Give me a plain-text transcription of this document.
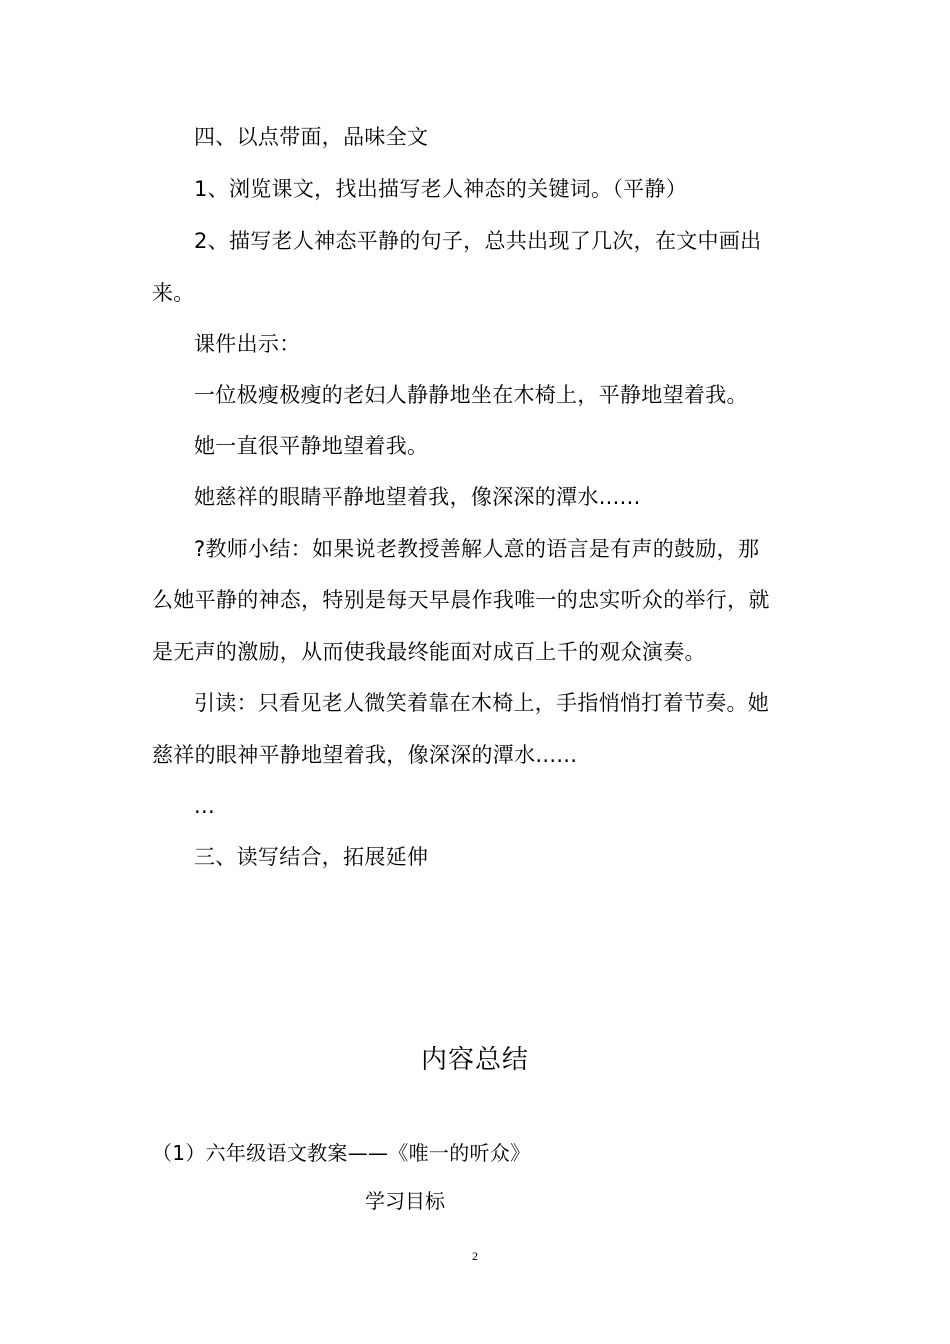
四、以点带面，品味全文
1、浏览课文，找出描写老人神态的关键词。（平静）
2、描写老人神态平静的句子，总共出现了几次，在文中画出
来。
课件出示：
一位极瘦极瘦的老妇人静静地坐在木椅上，平静地望着我。
她一直很平静地望着我。
她慈祥的眼睛平静地望着我，像深深的潭水......
?教师小结：如果说老教授善解人意的语言是有声的鼓励，那
么她平静的神态，特别是每天早晨作我唯一的忠实听众的举行，就
是无声的激励，从而使我最终能面对成百上千的观众演奏。
引读：只看见老人微笑着靠在木椅上，手指悄悄打着节奏。她
慈祥的眼神平静地望着我，像深深的潭水......
...
三、读写结合，拓展延伸
内容总结
（1）六年级语文教案——《唯一的听众》
学习目标
2
